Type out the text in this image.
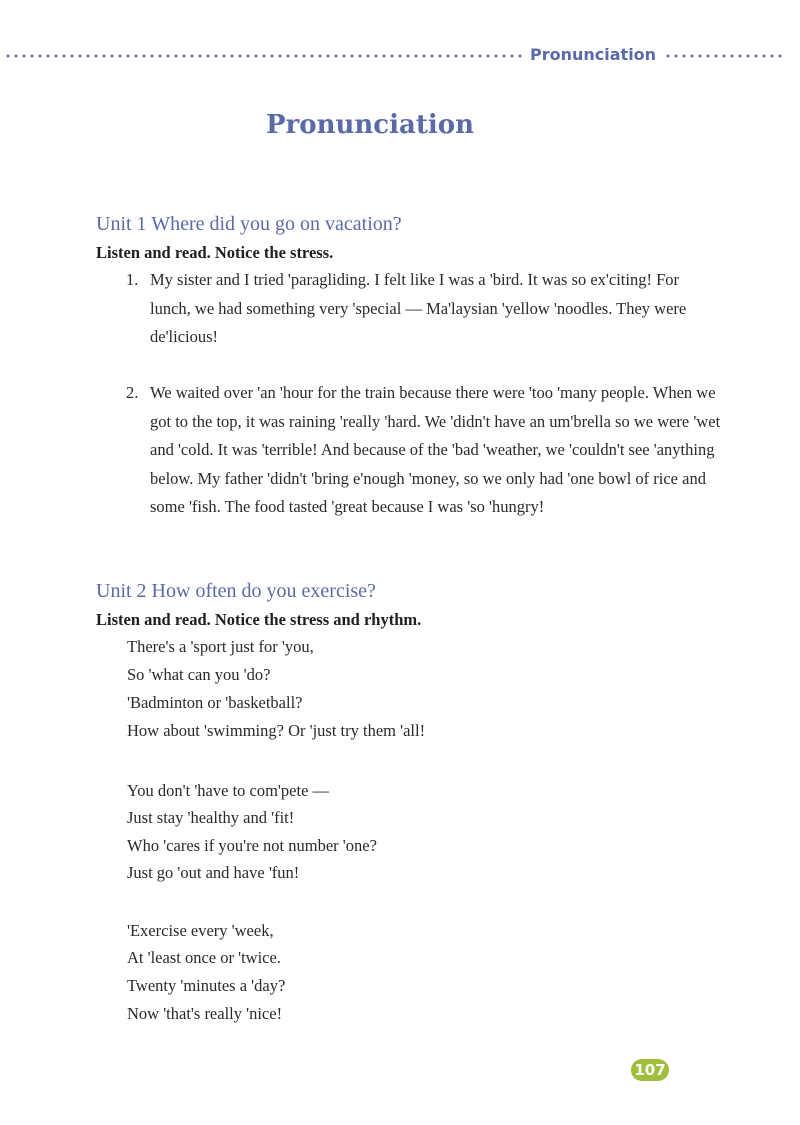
Pronunciation
Pronunciation
Unit 1 Where did you go on vacation?
Listen and read. Notice the stress.
1. My sister and I tried 'paragliding. I felt like I was a 'bird. It was so ex'citing! For lunch, we had something very 'special — Ma'laysian 'yellow 'noodles. They were de'licious!
2. We waited over 'an 'hour for the train because there were 'too 'many people. When we got to the top, it was raining 'really 'hard. We 'didn't have an um'brella so we were 'wet and 'cold. It was 'terrible! And because of the 'bad 'weather, we 'couldn't see 'anything below. My father 'didn't 'bring e'nough 'money, so we only had 'one bowl of rice and some 'fish. The food tasted 'great because I was 'so 'hungry!
Unit 2 How often do you exercise?
Listen and read. Notice the stress and rhythm.
There's a 'sport just for 'you,
So 'what can you 'do?
'Badminton or 'basketball?
How about 'swimming? Or 'just try them 'all!
You don't 'have to com'pete —
Just stay 'healthy and 'fit!
Who 'cares if you're not number 'one?
Just go 'out and have 'fun!
'Exercise every 'week,
At 'least once or 'twice.
Twenty 'minutes a 'day?
Now 'that's really 'nice!
107
